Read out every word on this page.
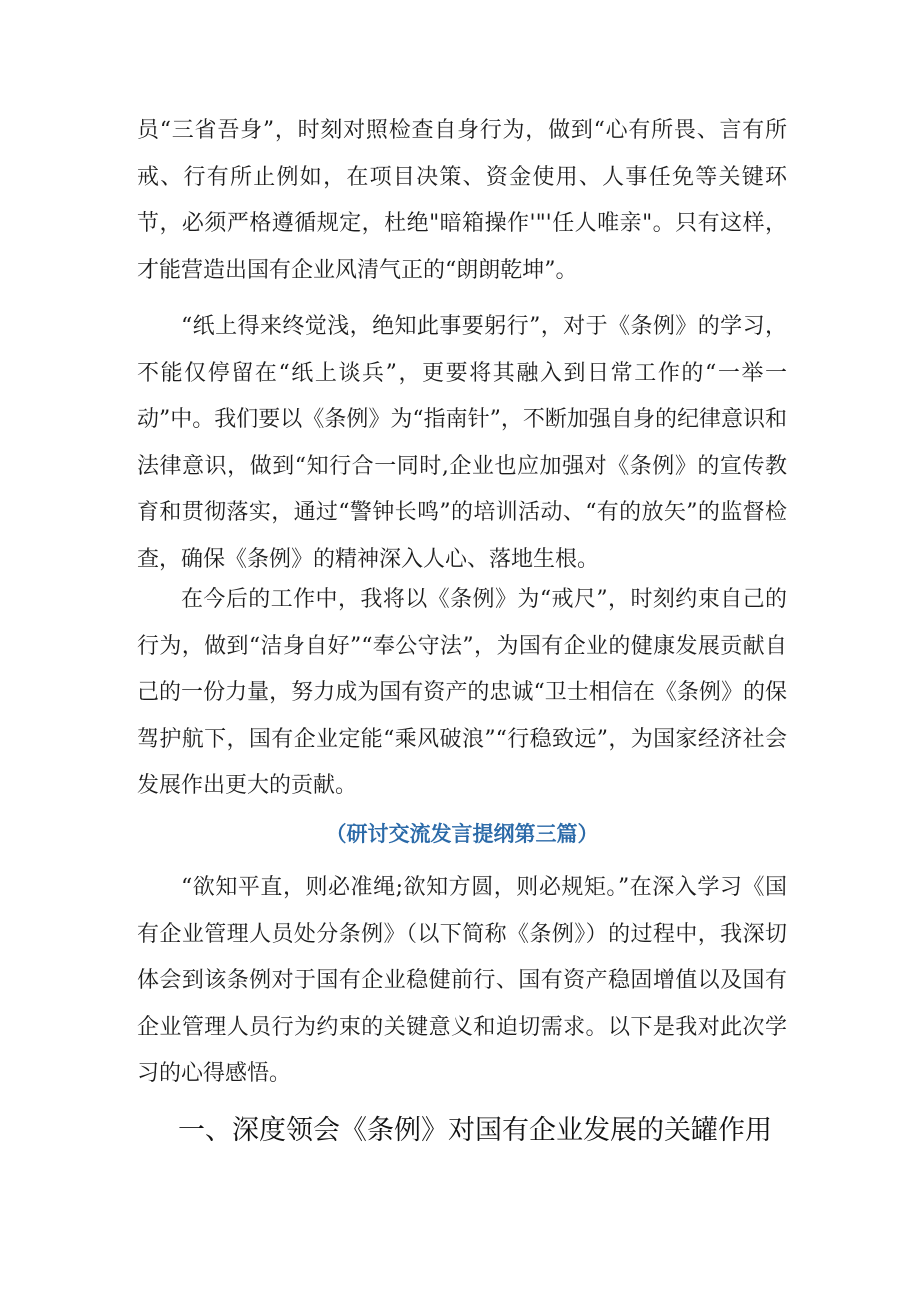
员“三省吾身”，时刻对照检查自身行为，做到“心有所畏、言有所戒、行有所止例如，在项目决策、资金使用、人事任免等关键环节，必须严格遵循规定，杜绝"暗箱操作'"'任人唯亲"。只有这样，才能营造出国有企业风清气正的“朗朗乾坤”。

“纸上得来终觉浅，绝知此事要躬行”，对于《条例》的学习，不能仅停留在“纸上谈兵”，更要将其融入到日常工作的“一举一动”中。我们要以《条例》为“指南针”，不断加强自身的纪律意识和法律意识，做到“知行合一同时,企业也应加强对《条例》的宣传教育和贯彻落实，通过“警钟长鸣”的培训活动、“有的放矢”的监督检查，确保《条例》的精神深入人心、落地生根。

在今后的工作中，我将以《条例》为“戒尺”，时刻约束自己的行为，做到“洁身自好”“奉公守法”，为国有企业的健康发展贡献自己的一份力量，努力成为国有资产的忠诚“卫士相信在《条例》的保驾护航下，国有企业定能“乘风破浪”“行稳致远”，为国家经济社会发展作出更大的贡献。

（研讨交流发言提纲第三篇）

“欲知平直，则必准绳;欲知方圆，则必规矩。”在深入学习《国有企业管理人员处分条例》（以下简称《条例》）的过程中，我深切体会到该条例对于国有企业稳健前行、国有资产稳固增值以及国有企业管理人员行为约束的关键意义和迫切需求。以下是我对此次学习的心得感悟。

一、深度领会《条例》对国有企业发展的关罐作用
